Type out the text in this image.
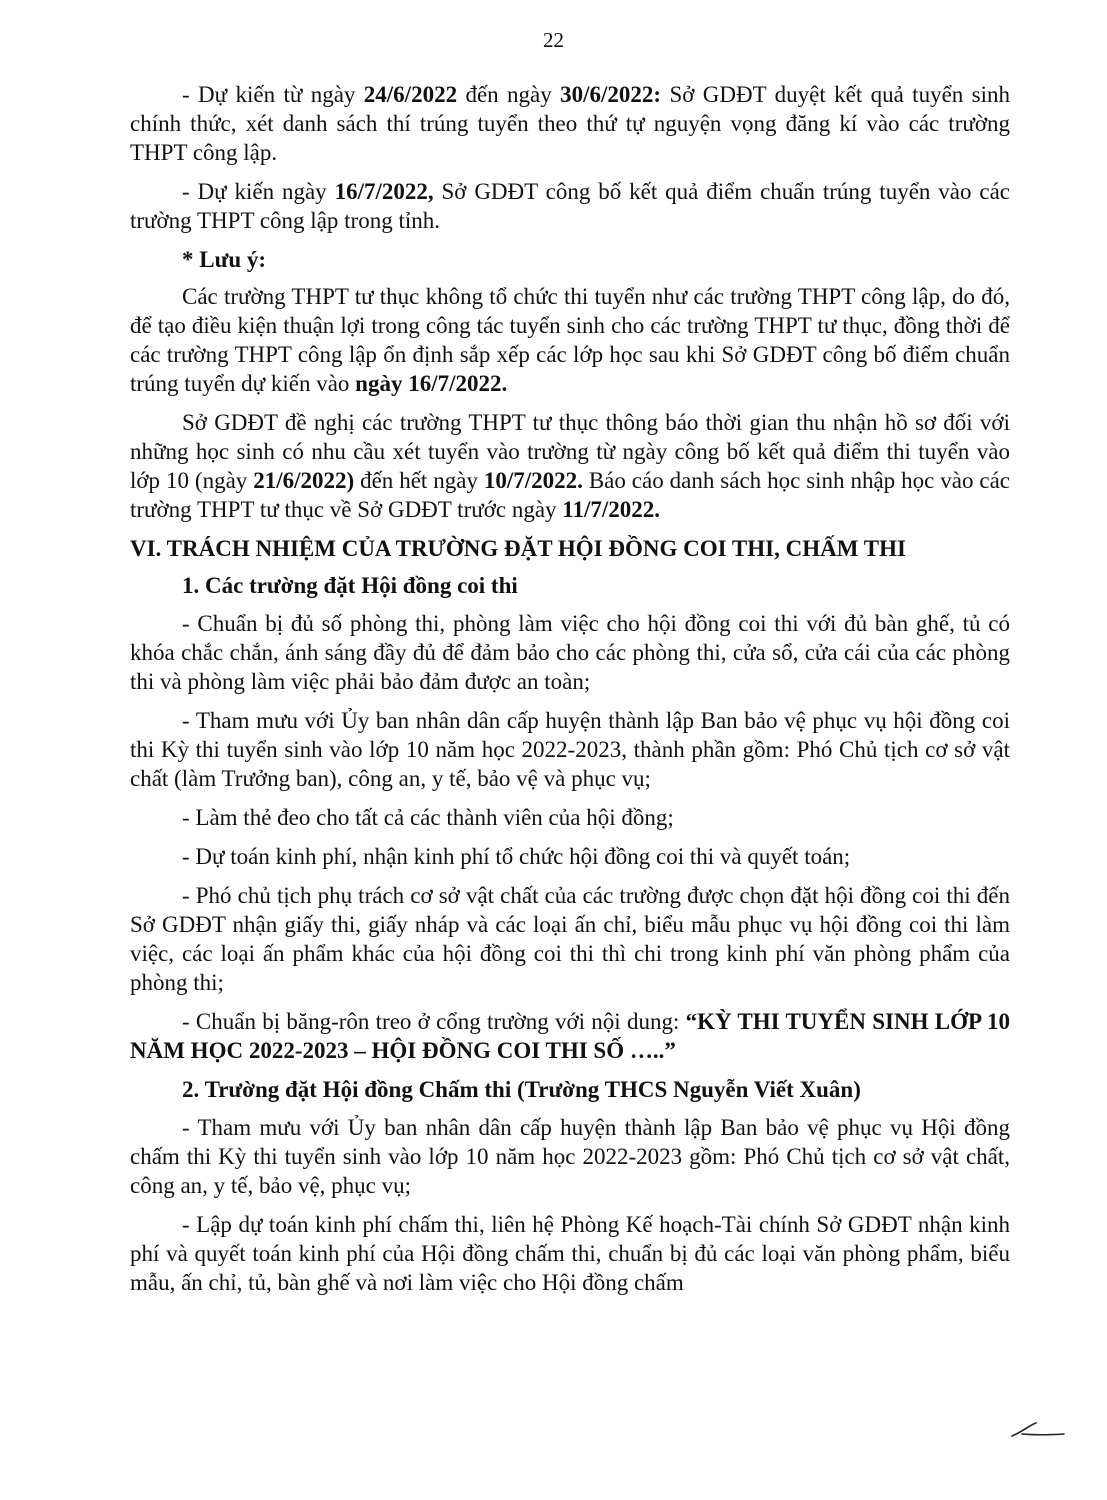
22

- Dự kiến từ ngày 24/6/2022 đến ngày 30/6/2022: Sở GDĐT duyệt kết quả tuyển sinh chính thức, xét danh sách thí trúng tuyển theo thứ tự nguyện vọng đăng kí vào các trường THPT công lập.

- Dự kiến ngày 16/7/2022, Sở GDĐT công bố kết quả điểm chuẩn trúng tuyển vào các trường THPT công lập trong tỉnh.

* Lưu ý:

Các trường THPT tư thục không tổ chức thi tuyển như các trường THPT công lập, do đó, để tạo điều kiện thuận lợi trong công tác tuyển sinh cho các trường THPT tư thục, đồng thời để các trường THPT công lập ổn định sắp xếp các lớp học sau khi Sở GDĐT công bố điểm chuẩn trúng tuyển dự kiến vào ngày 16/7/2022.

Sở GDĐT đề nghị các trường THPT tư thục thông báo thời gian thu nhận hồ sơ đối với những học sinh có nhu cầu xét tuyển vào trường từ ngày công bố kết quả điểm thi tuyển vào lớp 10 (ngày 21/6/2022) đến hết ngày 10/7/2022. Báo cáo danh sách học sinh nhập học vào các trường THPT tư thục về Sở GDĐT trước ngày 11/7/2022.

VI. TRÁCH NHIỆM CỦA TRƯỜNG ĐẶT HỘI ĐỒNG COI THI, CHẤM THI
1. Các trường đặt Hội đồng coi thi

- Chuẩn bị đủ số phòng thi, phòng làm việc cho hội đồng coi thi với đủ bàn ghế, tủ có khóa chắc chắn, ánh sáng đầy đủ để đảm bảo cho các phòng thi, cửa sổ, cửa cái của các phòng thi và phòng làm việc phải bảo đảm được an toàn;

- Tham mưu với Ủy ban nhân dân cấp huyện thành lập Ban bảo vệ phục vụ hội đồng coi thi Kỳ thi tuyển sinh vào lớp 10 năm học 2022-2023, thành phần gồm: Phó Chủ tịch cơ sở vật chất (làm Trưởng ban), công an, y tế, bảo vệ và phục vụ;

- Làm thẻ đeo cho tất cả các thành viên của hội đồng;

- Dự toán kinh phí, nhận kinh phí tổ chức hội đồng coi thi và quyết toán;

- Phó chủ tịch phụ trách cơ sở vật chất của các trường được chọn đặt hội đồng coi thi đến Sở GDĐT nhận giấy thi, giấy nháp và các loại ấn chỉ, biểu mẫu phục vụ hội đồng coi thi làm việc, các loại ấn phẩm khác của hội đồng coi thi thì chi trong kinh phí văn phòng phẩm của phòng thi;

- Chuẩn bị băng-rôn treo ở cổng trường với nội dung: “KỲ THI TUYỂN SINH LỚP 10 NĂM HỌC 2022-2023 – HỘI ĐỒNG COI THI SỐ …..”

2. Trường đặt Hội đồng Chấm thi (Trường THCS Nguyễn Viết Xuân)

- Tham mưu với Ủy ban nhân dân cấp huyện thành lập Ban bảo vệ phục vụ Hội đồng chấm thi Kỳ thi tuyển sinh vào lớp 10 năm học 2022-2023 gồm: Phó Chủ tịch cơ sở vật chất, công an, y tế, bảo vệ, phục vụ;

- Lập dự toán kinh phí chấm thi, liên hệ Phòng Kế hoạch-Tài chính Sở GDĐT nhận kinh phí và quyết toán kinh phí của Hội đồng chấm thi, chuẩn bị đủ các loại văn phòng phẩm, biểu mẫu, ấn chỉ, tủ, bàn ghế và nơi làm việc cho Hội đồng chấm
